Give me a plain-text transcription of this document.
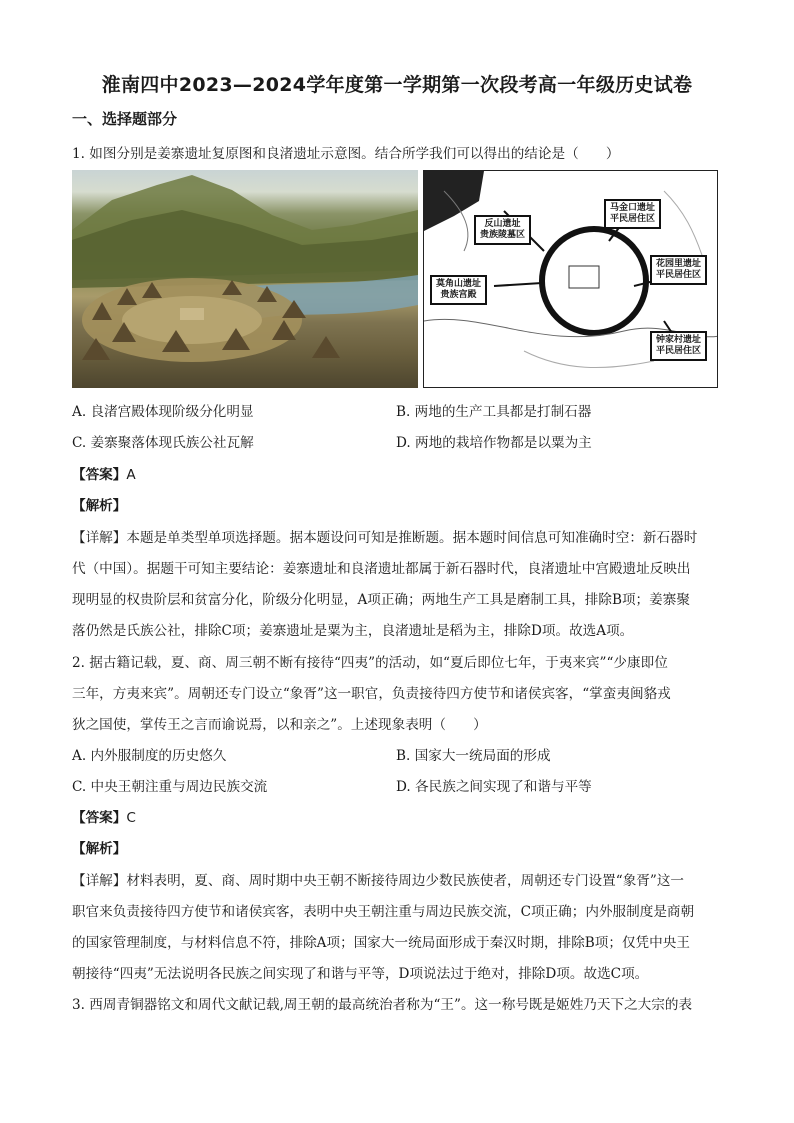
淮南四中2023—2024学年度第一学期第一次段考高一年级历史试卷
一、选择题部分
1. 如图分别是姜寨遗址复原图和良渚遗址示意图。结合所学我们可以得出的结论是（　　）
反山遗址
贵族陵墓区
马金口遗址
平民居住区
莫角山遗址
贵族宫殿
花园里遗址
平民居住区
钟家村遗址
平民居住区
A. 良渚宫殿体现阶级分化明显	B. 两地的生产工具都是打制石器
C. 姜寨聚落体现氏族公社瓦解	D. 两地的栽培作物都是以粟为主
【答案】A
【解析】
【详解】本题是单类型单项选择题。据本题设问可知是推断题。据本题时间信息可知准确时空：新石器时
代（中国）。据题干可知主要结论：姜寨遗址和良渚遗址都属于新石器时代，良渚遗址中宫殿遗址反映出
现明显的权贵阶层和贫富分化，阶级分化明显，A项正确；两地生产工具是磨制工具，排除B项；姜寨聚
落仍然是氏族公社，排除C项；姜寨遗址是粟为主，良渚遗址是稻为主，排除D项。故选A项。
2. 据古籍记载，夏、商、周三朝不断有接待“四夷”的活动，如“夏后即位七年，于夷来宾”“少康即位
三年，方夷来宾”。周朝还专门设立“象胥”这一职官，负责接待四方使节和诸侯宾客，“掌蛮夷闽貉戎
狄之国使，掌传王之言而谕说焉，以和亲之”。上述现象表明（　　）
A. 内外服制度的历史悠久	B. 国家大一统局面的形成
C. 中央王朝注重与周边民族交流	D. 各民族之间实现了和谐与平等
【答案】C
【解析】
【详解】材料表明，夏、商、周时期中央王朝不断接待周边少数民族使者，周朝还专门设置“象胥”这一
职官来负责接待四方使节和诸侯宾客，表明中央王朝注重与周边民族交流，C项正确；内外服制度是商朝
的国家管理制度，与材料信息不符，排除A项；国家大一统局面形成于秦汉时期，排除B项；仅凭中央王
朝接待“四夷”无法说明各民族之间实现了和谐与平等，D项说法过于绝对，排除D项。故选C项。
3. 西周青铜器铭文和周代文献记载,周王朝的最高统治者称为“王”。这一称号既是姬姓乃天下之大宗的表
